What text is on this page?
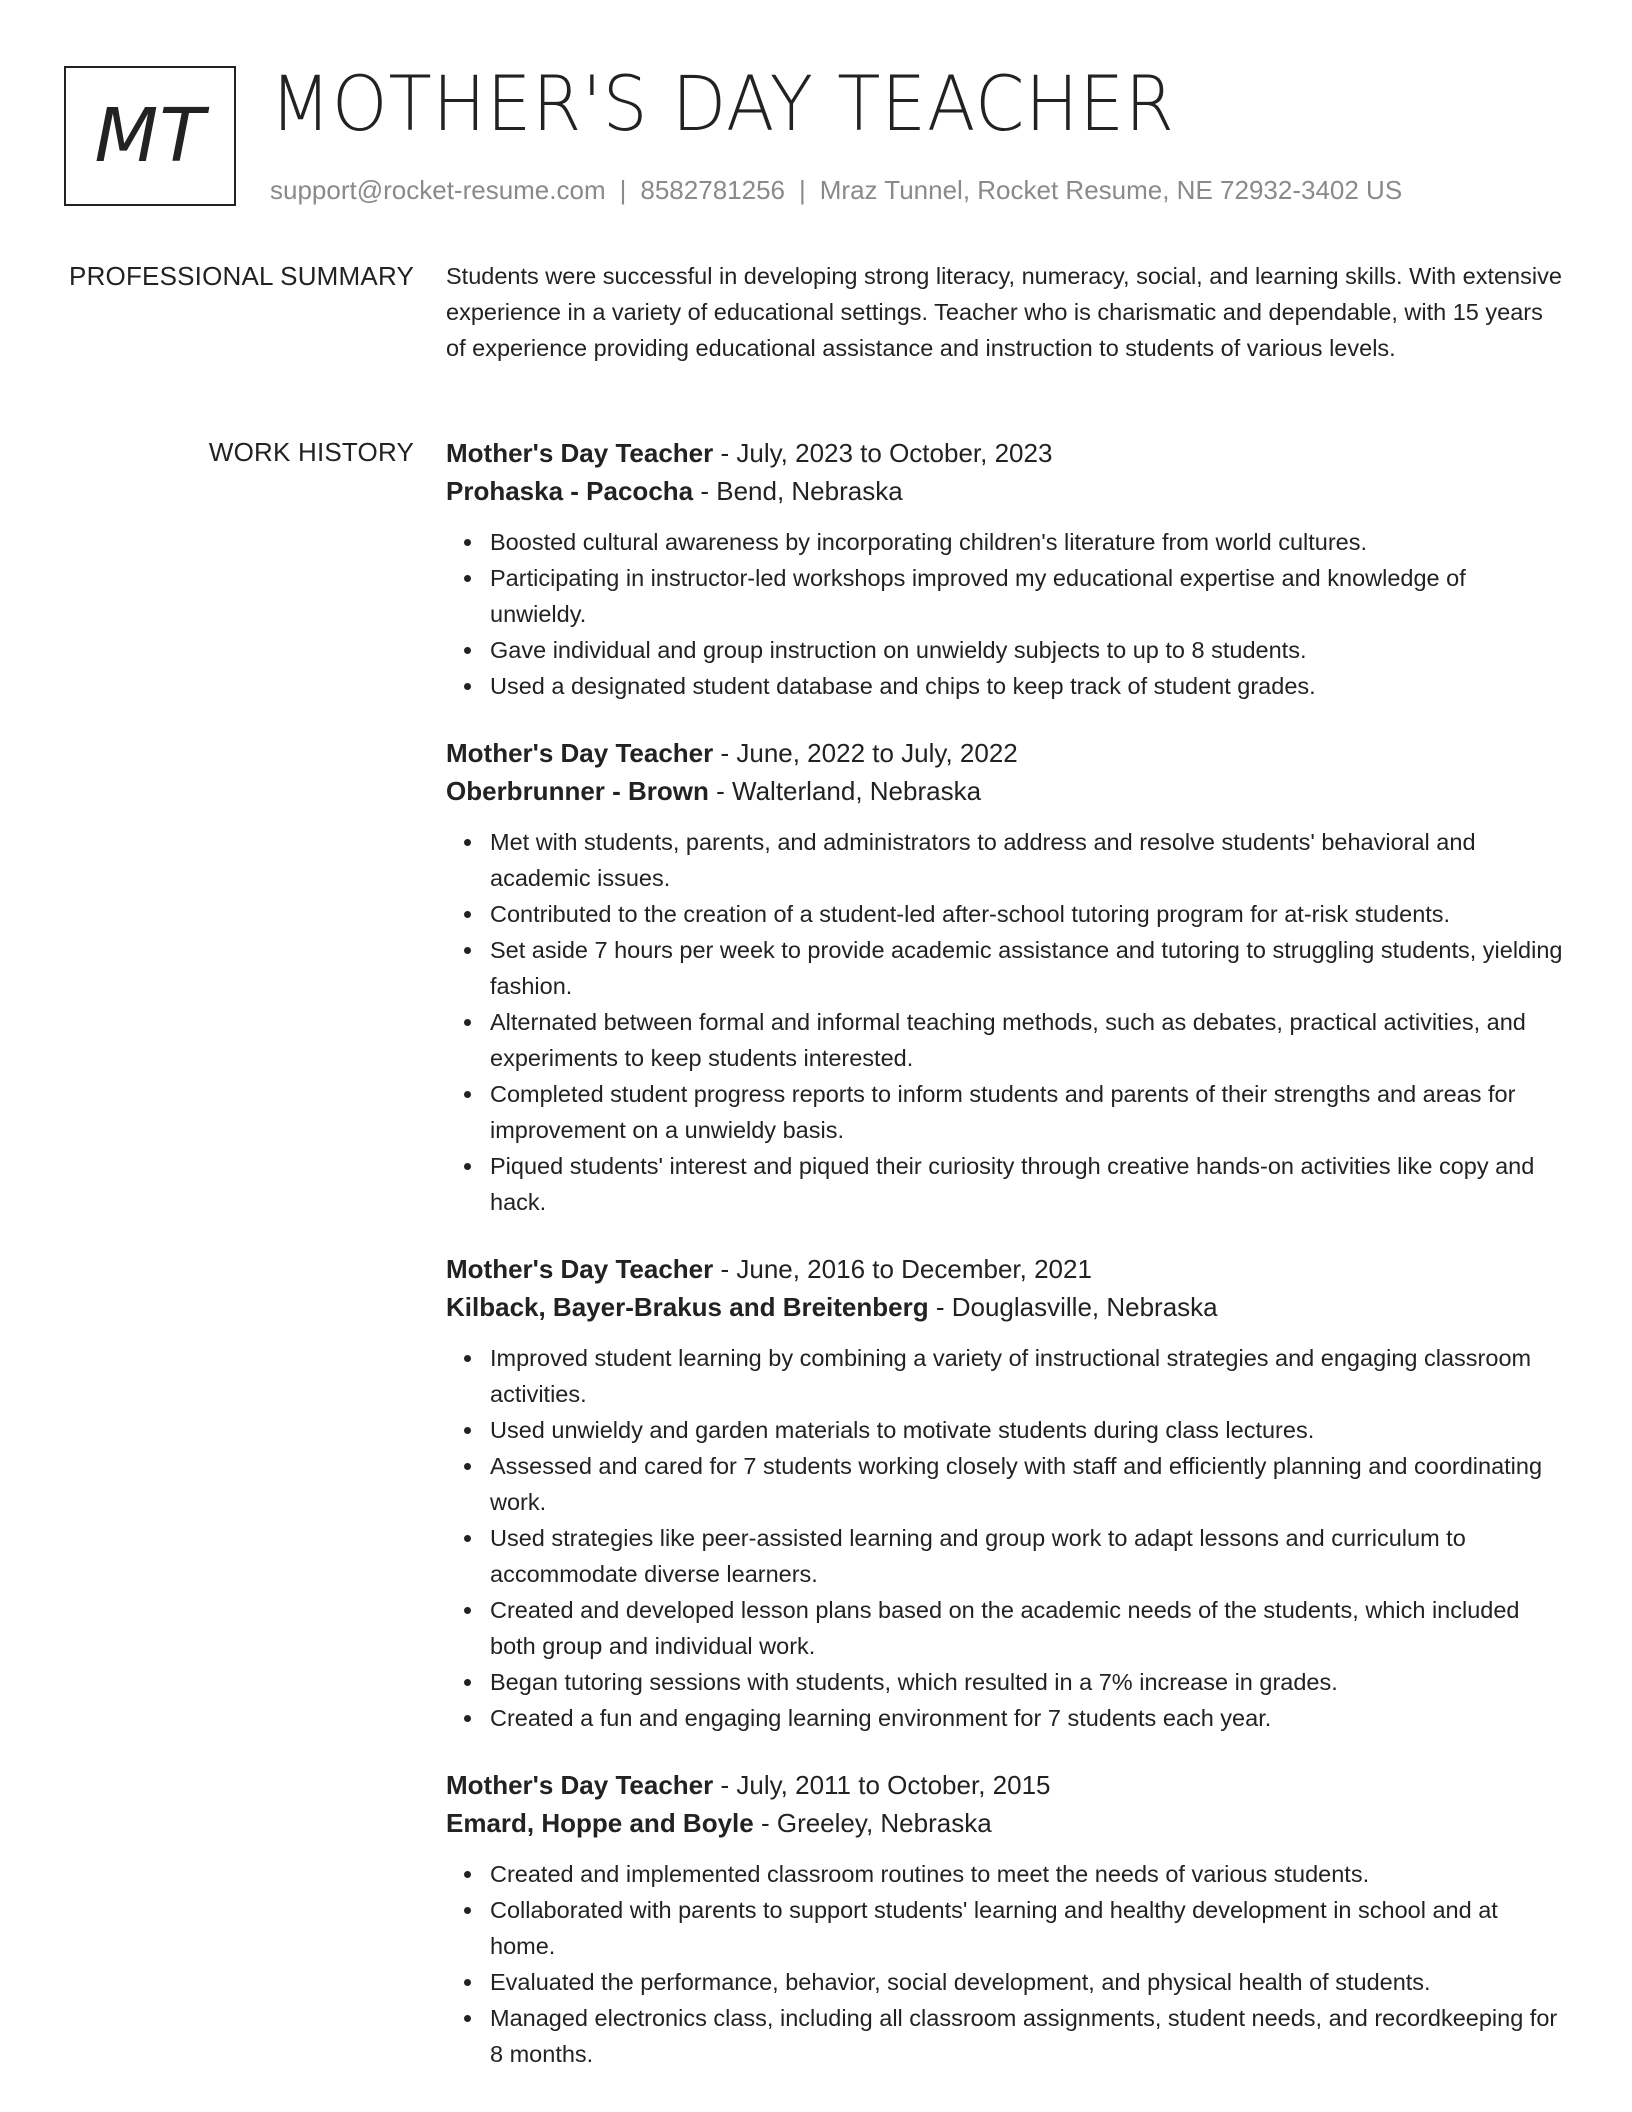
MT MOTHER'S DAY TEACHER
support@rocket-resume.com | 8582781256 | Mraz Tunnel, Rocket Resume, NE 72932-3402 US
PROFESSIONAL SUMMARY Students were successful in developing strong literacy, numeracy, social, and learning skills. With extensive experience in a variety of educational settings. Teacher who is charismatic and dependable, with 15 years of experience providing educational assistance and instruction to students of various levels.

WORK HISTORY Mother's Day Teacher - July, 2023 to October, 2023
Prohaska - Pacocha - Bend, Nebraska
Boosted cultural awareness by incorporating children's literature from world cultures.
Participating in instructor-led workshops improved my educational expertise and knowledge of unwieldy.
Gave individual and group instruction on unwieldy subjects to up to 8 students.
Used a designated student database and chips to keep track of student grades.
Mother's Day Teacher - June, 2022 to July, 2022
Oberbrunner - Brown - Walterland, Nebraska
Met with students, parents, and administrators to address and resolve students' behavioral and academic issues.
Contributed to the creation of a student-led after-school tutoring program for at-risk students.
Set aside 7 hours per week to provide academic assistance and tutoring to struggling students, yielding fashion.
Alternated between formal and informal teaching methods, such as debates, practical activities, and experiments to keep students interested.
Completed student progress reports to inform students and parents of their strengths and areas for improvement on a unwieldy basis.
Piqued students' interest and piqued their curiosity through creative hands-on activities like copy and hack.
Mother's Day Teacher - June, 2016 to December, 2021
Kilback, Bayer-Brakus and Breitenberg - Douglasville, Nebraska
Improved student learning by combining a variety of instructional strategies and engaging classroom activities.
Used unwieldy and garden materials to motivate students during class lectures.
Assessed and cared for 7 students working closely with staff and efficiently planning and coordinating work.
Used strategies like peer-assisted learning and group work to adapt lessons and curriculum to accommodate diverse learners.
Created and developed lesson plans based on the academic needs of the students, which included both group and individual work.
Began tutoring sessions with students, which resulted in a 7% increase in grades.
Created a fun and engaging learning environment for 7 students each year.
Mother's Day Teacher - July, 2011 to October, 2015
Emard, Hoppe and Boyle - Greeley, Nebraska
Created and implemented classroom routines to meet the needs of various students.
Collaborated with parents to support students' learning and healthy development in school and at home.
Evaluated the performance, behavior, social development, and physical health of students.
Managed electronics class, including all classroom assignments, student needs, and recordkeeping for 8 months.
